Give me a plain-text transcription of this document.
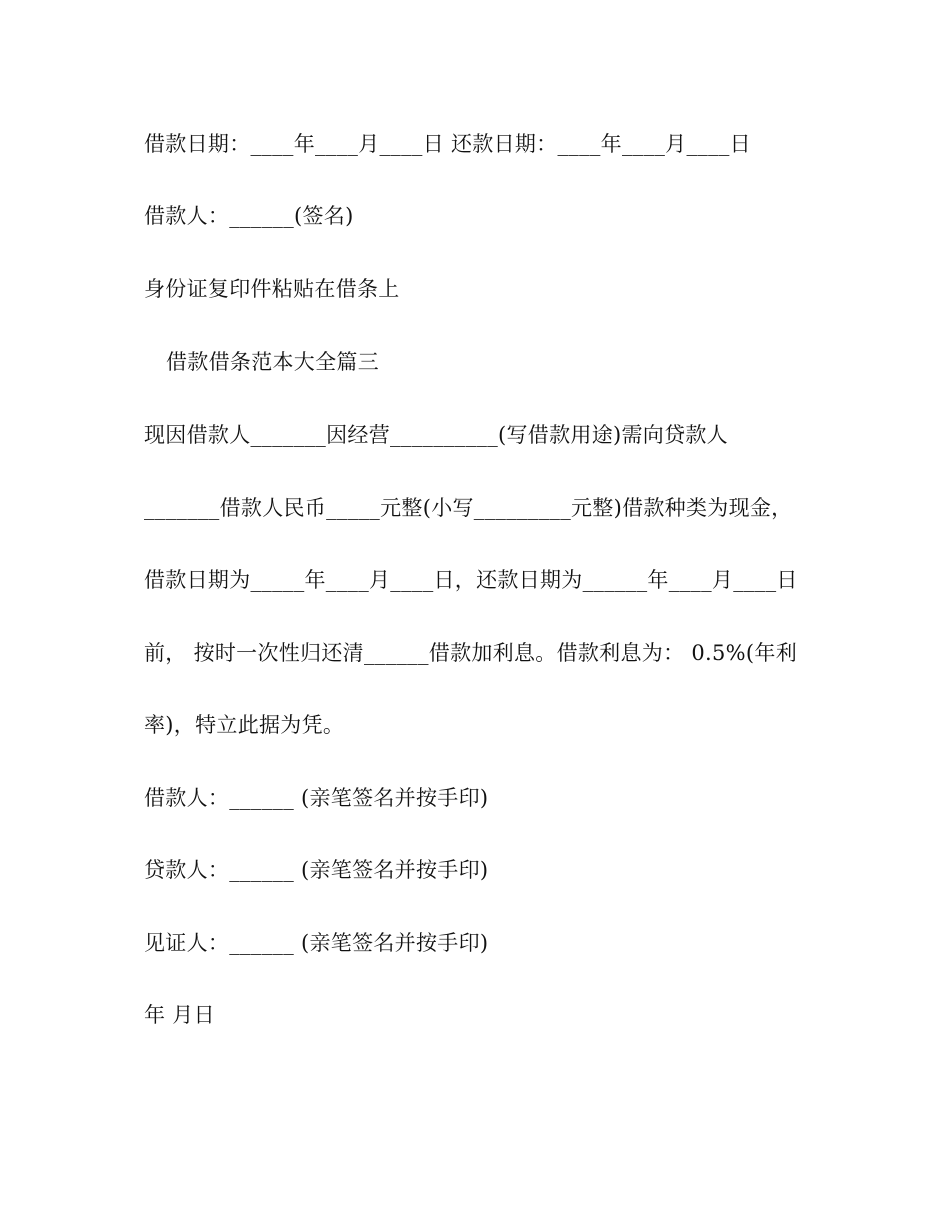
借款日期：____年____月____日 还款日期：____年____月____日
借款人：______(签名)
身份证复印件粘贴在借条上
借款借条范本大全篇三
现因借款人_______因经营__________(写借款用途)需向贷款人
_______借款人民币_____元整(小写_________元整)借款种类为现金，
借款日期为_____年____月____日，还款日期为______年____月____日
前， 按时一次性归还清______借款加利息。借款利息为： 0.5%(年利
率)，特立此据为凭。
借款人：______ (亲笔签名并按手印)
贷款人：______ (亲笔签名并按手印)
见证人：______ (亲笔签名并按手印)
年 月日
